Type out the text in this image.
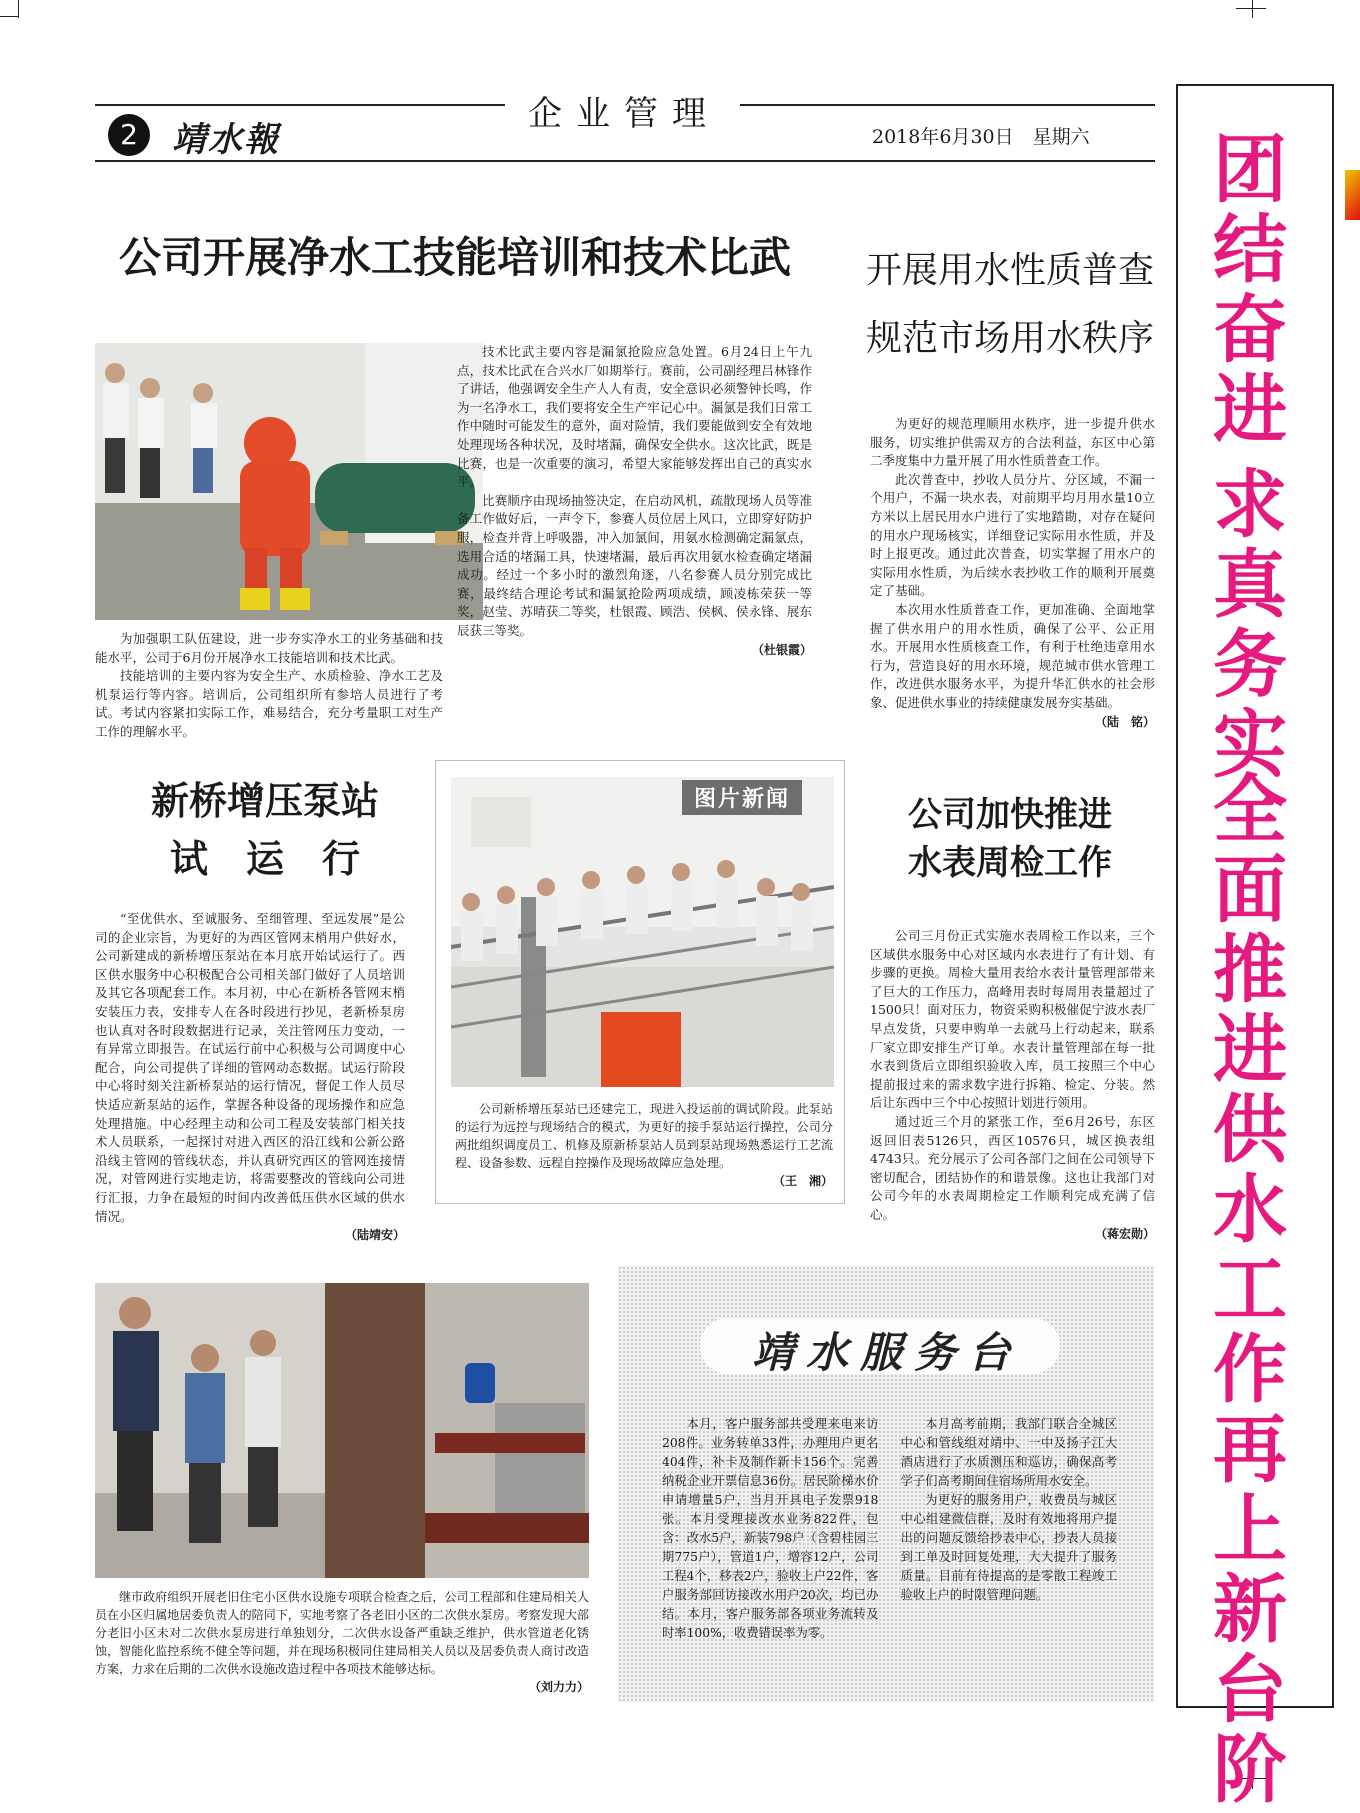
企业管理
2	靖水報	2018年6月30日　星期六	团结奋进
求真务实
全面推进供水工作再上新台阶
公司开展净水工技能培训和技术比武

为加强职工队伍建设，进一步夯实净水工的业务基础和技能水平，公司于6月份开展净水工技能培训和技术比武。

技能培训的主要内容为安全生产、水质检验、净水工艺及机泵运行等内容。培训后，公司组织所有参培人员进行了考试。考试内容紧扣实际工作，难易结合，充分考量职工对生产工作的理解水平。

技术比武主要内容是漏氯抢险应急处置。6月24日上午九点，技术比武在合兴水厂如期举行。赛前，公司副经理吕林锋作了讲话，他强调安全生产人人有责，安全意识必须警钟长鸣，作为一名净水工，我们要将安全生产牢记心中。漏氯是我们日常工作中随时可能发生的意外，面对险情，我们要能做到安全有效地处理现场各种状况，及时堵漏，确保安全供水。这次比武，既是比赛，也是一次重要的演习，希望大家能够发挥出自己的真实水平。

比赛顺序由现场抽签决定，在启动风机，疏散现场人员等准备工作做好后，一声令下，参赛人员位居上风口，立即穿好防护服，检查并背上呼吸器，冲入加氯间，用氨水检测确定漏氯点，选用合适的堵漏工具，快速堵漏，最后再次用氨水检查确定堵漏成功。经过一个多小时的激烈角逐，八名参赛人员分别完成比赛，最终结合理论考试和漏氯抢险两项成绩，顾凌栋荣获一等奖，赵莹、苏晴获二等奖，杜银霞、顾浩、侯枫、侯永锋、展东辰获三等奖。

（杜银霞）
开展用水性质普查
规范市场用水秩序

为更好的规范理顺用水秩序，进一步提升供水服务，切实维护供需双方的合法利益，东区中心第二季度集中力量开展了用水性质普查工作。

此次普查中，抄收人员分片、分区域，不漏一个用户，不漏一块水表，对前期平均月用水量10立方米以上居民用水户进行了实地踏勘，对存在疑问的用水户现场核实，详细登记实际用水性质，并及时上报更改。通过此次普查，切实掌握了用水户的实际用水性质，为后续水表抄收工作的顺利开展奠定了基础。

本次用水性质普查工作，更加准确、全面地掌握了供水用户的用水性质，确保了公平、公正用水。开展用水性质核查工作，有利于杜绝违章用水行为，营造良好的用水环境，规范城市供水管理工作，改进供水服务水平，为提升华汇供水的社会形象、促进供水事业的持续健康发展夯实基础。

（陆　铭）
新桥增压泵站
试　运　行

“至优供水、至诚服务、至细管理、至远发展”是公司的企业宗旨，为更好的为西区管网末梢用户供好水，公司新建成的新桥增压泵站在本月底开始试运行了。西区供水服务中心积极配合公司相关部门做好了人员培训及其它各项配套工作。本月初，中心在新桥各管网末梢安装压力表，安排专人在各时段进行抄见，老新桥泵房也认真对各时段数据进行记录，关注管网压力变动，一有异常立即报告。在试运行前中心积极与公司调度中心配合，向公司提供了详细的管网动态数据。试运行阶段中心将时刻关注新桥泵站的运行情况，督促工作人员尽快适应新泵站的运作，掌握各种设备的现场操作和应急处理措施。中心经理主动和公司工程及安装部门相关技术人员联系，一起探讨对进入西区的沿江线和公新公路沿线主管网的管线状态，并认真研究西区的管网连接情况，对管网进行实地走访，将需要整改的管线向公司进行汇报，力争在最短的时间内改善低压供水区域的供水情况。

（陆靖安）
图片新闻

公司新桥增压泵站已还建完工，现进入投运前的调试阶段。此泵站的运行为远控与现场结合的模式，为更好的接手泵站运行操控，公司分两批组织调度员工、机修及原新桥泵站人员到泵站现场熟悉运行工艺流程、设备参数、远程自控操作及现场故障应急处理。

（王　湘）
公司加快推进
水表周检工作

公司三月份正式实施水表周检工作以来，三个区域供水服务中心对区域内水表进行了有计划、有步骤的更换。周检大量用表给水表计量管理部带来了巨大的工作压力，高峰用表时每周用表量超过了1500只！面对压力，物资采购积极催促宁波水表厂早点发货，只要申购单一去就马上行动起来，联系厂家立即安排生产订单。水表计量管理部在每一批水表到货后立即组织验收入库，员工按照三个中心提前报过来的需求数字进行拆箱、检定、分装。然后让东西中三个中心按照计划进行领用。

通过近三个月的紧张工作，至6月26号，东区返回旧表5126只，西区10576只，城区换表组4743只。充分展示了公司各部门之间在公司领导下密切配合，团结协作的和谐景像。这也让我部门对公司今年的水表周期检定工作顺利完成充满了信心。

（蒋宏勋）

继市政府组织开展老旧住宅小区供水设施专项联合检查之后，公司工程部和住建局相关人员在小区归属地居委负责人的陪同下，实地考察了各老旧小区的二次供水泵房。考察发现大部分老旧小区未对二次供水泵房进行单独划分，二次供水设备严重缺乏维护，供水管道老化锈蚀，智能化监控系统不健全等问题，并在现场积极同住建局相关人员以及居委负责人商讨改造方案，力求在后期的二次供水设施改造过程中各项技术能够达标。

（刘力力）
靖水服务台

本月，客户服务部共受理来电来访208件。业务转单33件，办理用户更名404件，补卡及制作新卡156个。完善纳税企业开票信息36份。居民阶梯水价申请增量5户，当月开具电子发票918张。本月受理接改水业务822件，包含：改水5户，新装798户（含碧桂园三期775户），管道1户，增容12户，公司工程4个，移表2户，验收上户22件，客户服务部回访接改水用户20次，均已办结。本月，客户服务部各项业务流转及时率100%，收费错误率为零。

本月高考前期，我部门联合全城区中心和管线组对靖中、一中及扬子江大酒店进行了水质测压和巡访，确保高考学子们高考期间住宿场所用水安全。

为更好的服务用户，收费员与城区中心组建微信群，及时有效地将用户提出的问题反馈给抄表中心，抄表人员接到工单及时回复处理，大大提升了服务质量。目前有待提高的是零散工程竣工验收上户的时限管理问题。
